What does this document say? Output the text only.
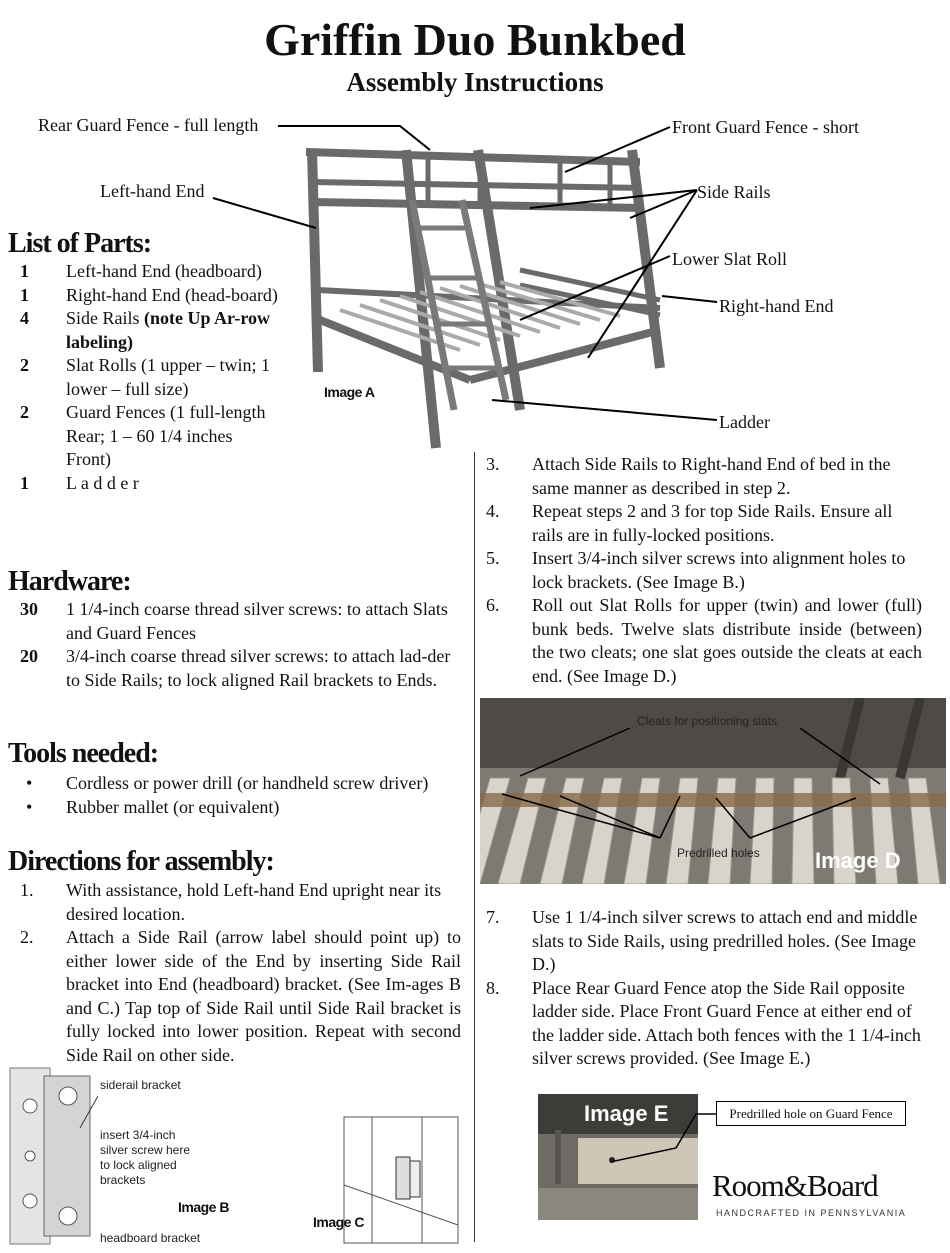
Griffin Duo Bunkbed
Assembly Instructions
Rear Guard Fence - full length	Front Guard Fence - short
Left-hand End	Side Rails
Lower Slat Roll
Right-hand End
Ladder
Image A
List of Parts:
1	Left-hand End (headboard)
1	Right-hand End (head-board)
4	Side Rails (note Up Ar-row labeling)
2	Slat Rolls (1 upper – twin; 1 lower – full size)
2	Guard Fences (1 full-length Rear; 1 – 60 1/4 inches Front)
1	L a d d e r
Hardware:
30	1 1/4-inch coarse thread silver screws: to attach Slats and Guard Fences
20	3/4-inch coarse thread silver screws: to attach lad-der to Side Rails; to lock aligned Rail brackets to Ends.
Tools needed:
•	Cordless or power drill (or handheld screw driver)
•	Rubber mallet (or equivalent)
Directions for assembly:
1.	With assistance, hold Left-hand End upright near its desired location.
2.	Attach a Side Rail (arrow label should point up) to either lower side of the End by inserting Side Rail bracket into End (headboard) bracket. (See Im-ages B and C.) Tap top of Side Rail until Side Rail bracket is fully locked into lower position. Repeat with second Side Rail on other side.
3.	Attach Side Rails to Right-hand End of bed in the same manner as described in step 2.
4.	Repeat steps 2 and 3 for top Side Rails. Ensure all rails are in fully-locked positions.
5.	Insert 3/4-inch silver screws into alignment holes to lock brackets. (See Image B.)
6.	Roll out Slat Rolls for upper (twin) and lower (full) bunk beds. Twelve slats distribute inside (between) the two cleats; one slat goes outside the cleats at each end. (See Image D.)
Cleats for positioning slats
Predrilled holes	Image D
7.	Use 1 1/4-inch silver screws to attach end and middle slats to Side Rails, using predrilled holes. (See Image D.)
8.	Place Rear Guard Fence atop the Side Rail opposite ladder side. Place Front Guard Fence at either end of the ladder side. Attach both fences with the 1 1/4-inch silver screws provided. (See Image E.)
siderail bracket
insert 3/4-inch silver screw here to lock aligned brackets
headboard bracket
Image B
Image C
Image E	Predrilled hole on Guard Fence
Room&Board
HANDCRAFTED IN PENNSYLVANIA
